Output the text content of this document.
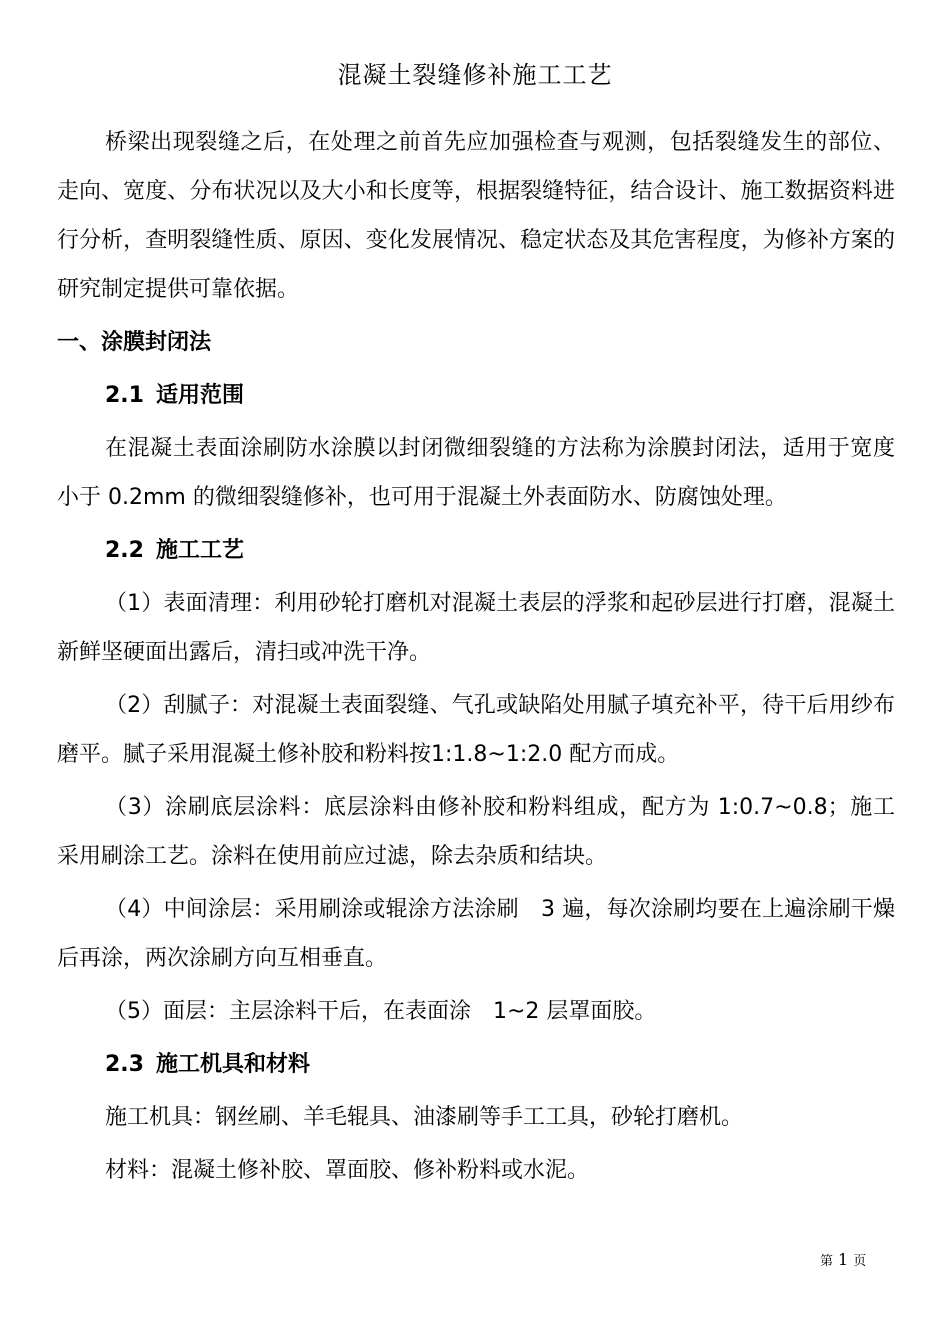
混凝土裂缝修补施工工艺

桥梁出现裂缝之后，在处理之前首先应加强检查与观测，包括裂缝发生的部位、走向、宽度、分布状况以及大小和长度等，根据裂缝特征，结合设计、施工数据资料进行分析，查明裂缝性质、原因、变化发展情况、稳定状态及其危害程度，为修补方案的研究制定提供可靠依据。

一、涂膜封闭法
2.1 适用范围

在混凝土表面涂刷防水涂膜以封闭微细裂缝的方法称为涂膜封闭法，适用于宽度小于 0.2mm 的微细裂缝修补，也可用于混凝土外表面防水、防腐蚀处理。

2.2 施工工艺

（1）表面清理：利用砂轮打磨机对混凝土表层的浮浆和起砂层进行打磨，混凝土新鲜坚硬面出露后，清扫或冲洗干净。

（2）刮腻子：对混凝土表面裂缝、气孔或缺陷处用腻子填充补平，待干后用纱布磨平。腻子采用混凝土修补胶和粉料按1:1.8~1:2.0 配方而成。

（3）涂刷底层涂料：底层涂料由修补胶和粉料组成，配方为 1:0.7~0.8；施工采用刷涂工艺。涂料在使用前应过滤，除去杂质和结块。

（4）中间涂层：采用刷涂或辊涂方法涂刷　3 遍，每次涂刷均要在上遍涂刷干燥后再涂，两次涂刷方向互相垂直。

（5）面层：主层涂料干后，在表面涂　1~2 层罩面胶。

2.3 施工机具和材料

施工机具：钢丝刷、羊毛辊具、油漆刷等手工工具，砂轮打磨机。

材料：混凝土修补胶、罩面胶、修补粉料或水泥。

第 1 页
